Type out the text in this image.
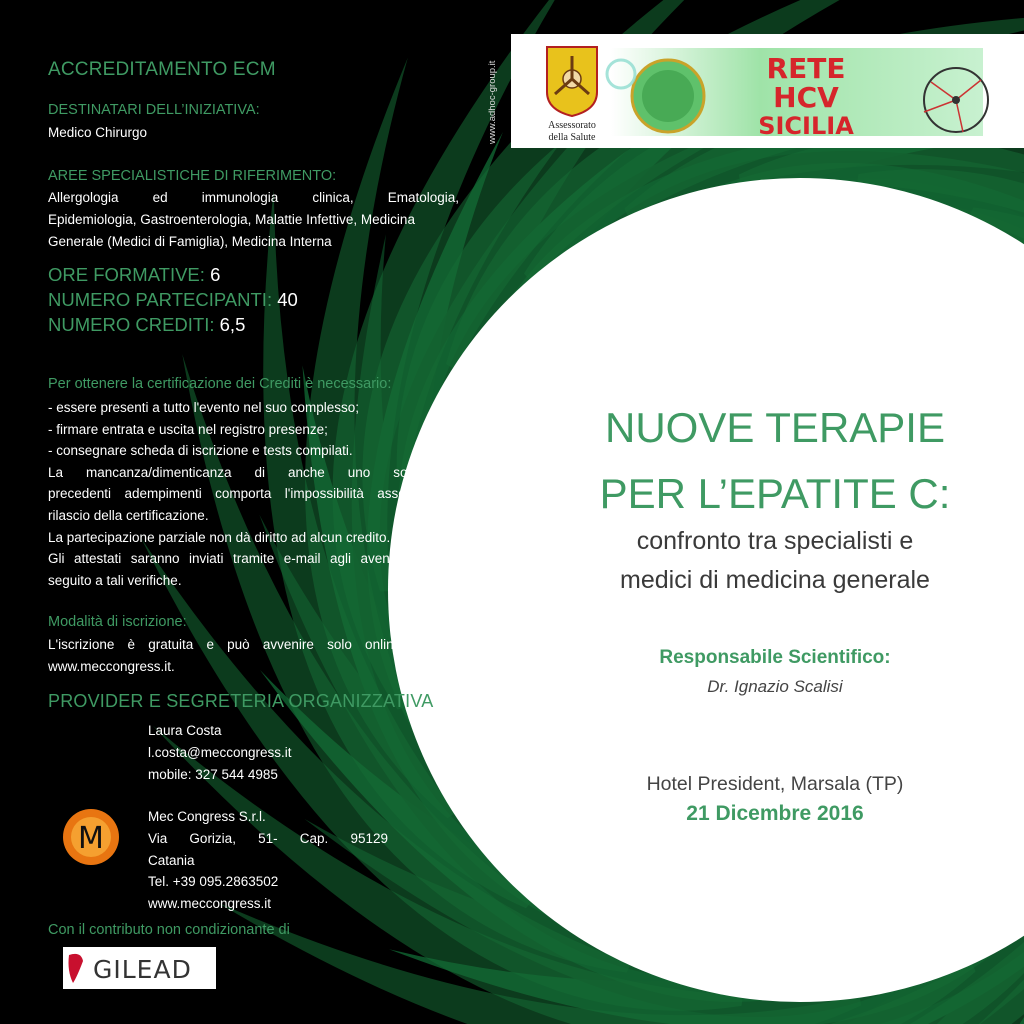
www.adhoc-group.it	Assessorato
della Salute
RETE
HCV
SICILIA
ACCREDITAMENTO ECM
DESTINATARI DELL’INIZIATIVA:
Medico Chirurgo
AREE SPECIALISTICHE DI RIFERIMENTO:
Allergologia ed immunologia clinica, Ematologia,
Epidemiologia, Gastroenterologia, Malattie Infettive, Medicina
Generale (Medici di Famiglia), Medicina Interna
ORE FORMATIVE: 6
NUMERO PARTECIPANTI: 40
NUMERO CREDITI: 6,5
Per ottenere la certificazione dei Crediti è necessario:
- essere presenti a tutto l'evento nel suo complesso;
- firmare entrata e uscita nel registro presenze;
- consegnare scheda di iscrizione e tests compilati.
La mancanza/dimenticanza di anche uno solo dei
precedenti adempimenti comporta l'impossibilità assoluta del
rilascio della certificazione.
La partecipazione parziale non dà diritto ad alcun credito.
Gli attestati saranno inviati tramite e-mail agli aventi diritto in
seguito a tali verifiche.
Modalità di iscrizione:
L'iscrizione è gratuita e può avvenire solo online al sito
www.meccongress.it.
PROVIDER E SEGRETERIA ORGANIZZATIVA
Laura Costa
l.costa@meccongress.it
mobile: 327 544 4985
M
Mec Congress S.r.l.
Via Gorizia, 51- Cap. 95129
Catania
Tel. +39 095.2863502
www.meccongress.it
Con il contributo non condizionante di
GILEAD
NUOVE TERAPIE
PER L’EPATITE C:
confronto tra specialisti e
medici di medicina generale
Responsabile Scientifico:
Dr. Ignazio Scalisi
Hotel President, Marsala (TP)
21 Dicembre 2016
